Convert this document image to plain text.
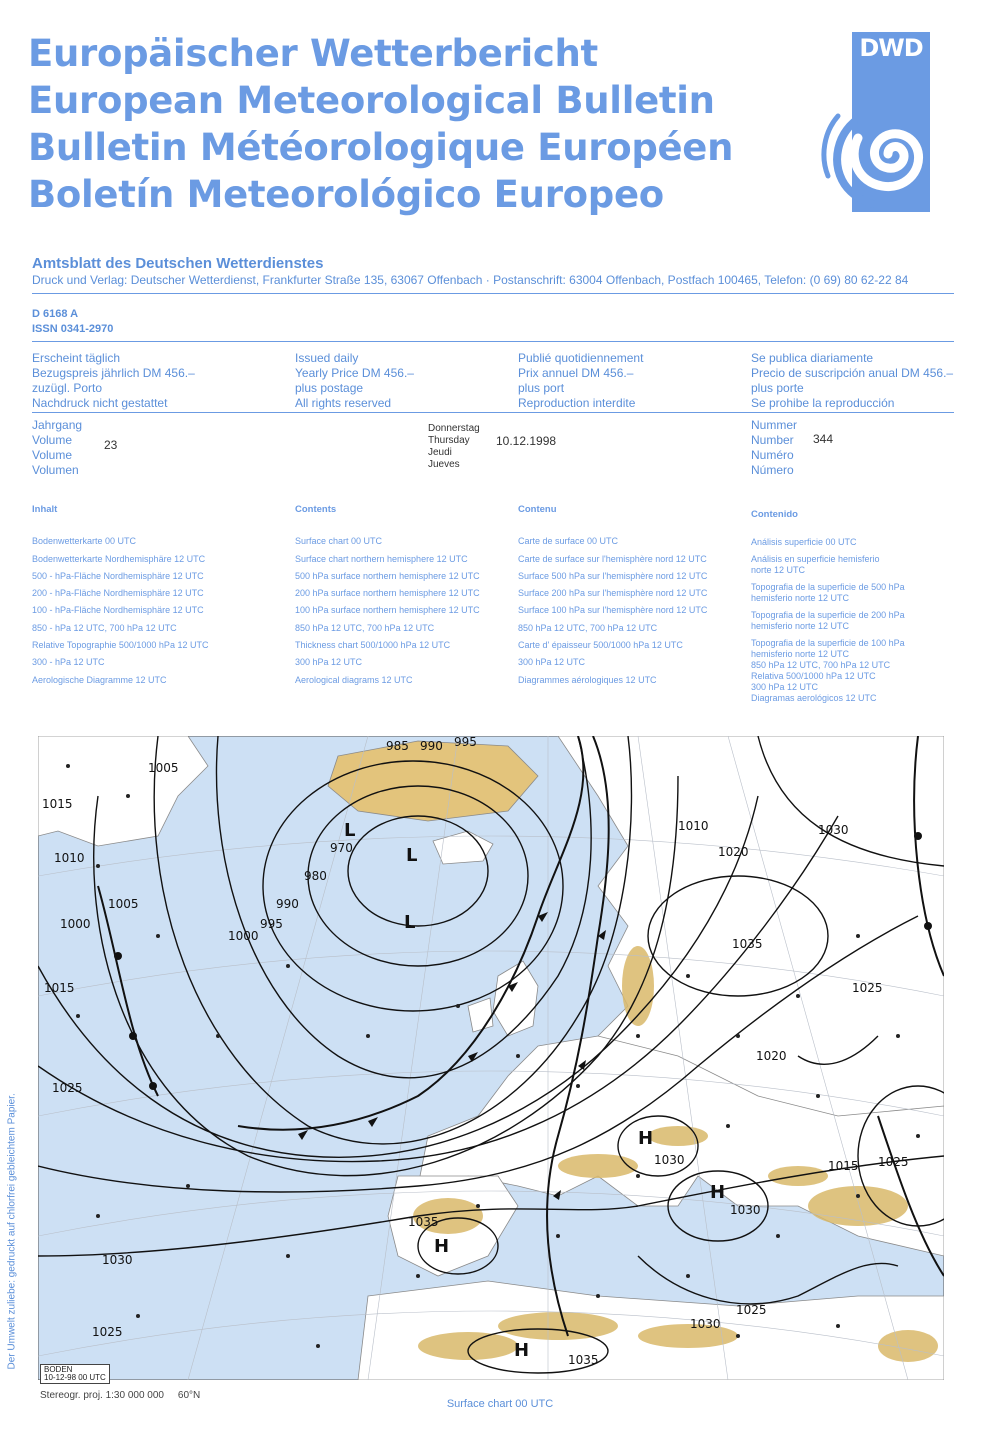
Europäischer Wetterbericht
European Meteorological Bulletin
Bulletin Météorologique Européen
Boletín Meteorológico Europeo
DWD
Amtsblatt des Deutschen Wetterdienstes
Druck und Verlag: Deutscher Wetterdienst, Frankfurter Straße 135, 63067 Offenbach · Postanschrift: 63004 Offenbach, Postfach 100465, Telefon: (0 69) 80 62-22 84
D 6168 A
ISSN 0341-2970
Erscheint täglich
Bezugspreis jährlich DM 456.–
zuzügl. Porto
Nachdruck nicht gestattet
Issued daily
Yearly Price DM 456.–
plus postage
All rights reserved
Publié quotidiennement
Prix annuel DM 456.–
plus port
Reproduction interdite
Se publica diariamente
Precio de suscripción anual DM 456.–
plus porte
Se prohibe la reproducción
Jahrgang
Volume
Volume
Volumen
23
Donnerstag
Thursday
Jeudi
Jueves
10.12.1998
Nummer
Number
Numéro
Número
344
Inhalt
Bodenwetterkarte 00 UTC
Bodenwetterkarte Nordhemisphäre 12 UTC
500 - hPa-Fläche Nordhemisphäre 12 UTC
200 - hPa-Fläche Nordhemisphäre 12 UTC
100 - hPa-Fläche Nordhemisphäre 12 UTC
850 - hPa 12 UTC, 700 hPa 12 UTC
Relative Topographie 500/1000 hPa 12 UTC
300 - hPa 12 UTC
Aerologische Diagramme 12 UTC
Contents
Surface chart 00 UTC
Surface chart northern hemisphere 12 UTC
500 hPa surface northern hemisphere 12 UTC
200 hPa surface northern hemisphere 12 UTC
100 hPa surface northern hemisphere 12 UTC
850 hPa 12 UTC, 700 hPa 12 UTC
Thickness chart 500/1000 hPa 12 UTC
300 hPa 12 UTC
Aerological diagrams 12 UTC
Contenu
Carte de surface 00 UTC
Carte de surface sur l'hemisphère nord 12 UTC
Surface 500 hPa sur l'hemisphère nord 12 UTC
Surface 200 hPa sur l'hemisphère nord 12 UTC
Surface 100 hPa sur l'hemisphère nord 12 UTC
850 hPa 12 UTC, 700 hPa 12 UTC
Carte d' épaisseur 500/1000 hPa 12 UTC
300 hPa 12 UTC
Diagrammes aérologiques 12 UTC
Contenido
Análisis superficie 00 UTC
Análisis en superficie hemisferio
norte 12 UTC
Topografia de la superficie de 500 hPa
hemisferio norte 12 UTC
Topografia de la superficie de 200 hPa
hemisferio norte 12 UTC
Topografia de la superficie de 100 hPa
hemisferio norte 12 UTC
850 hPa 12 UTC, 700 hPa 12 UTC
Relativa 500/1000 hPa 12 UTC
300 hPa 12 UTC
Diagramas aerológicos 12 UTC
985 990 995
970
980
990
995
1000
1005
1010
1015
1020
1025
1030
1035
1005
1010
1015
1020
1025
1030
1035
1025
1030
1025
1035
1030
1015
1000
1030
1025
L
L
L
H
H
H
H
BODEN
10-12-98 00 UTC
Stereogr. proj. 1:30 000 000 60°N
Surface chart 00 UTC
Der Umwelt zuliebe: gedruckt auf chlorfrei gebleichtem Papier.
